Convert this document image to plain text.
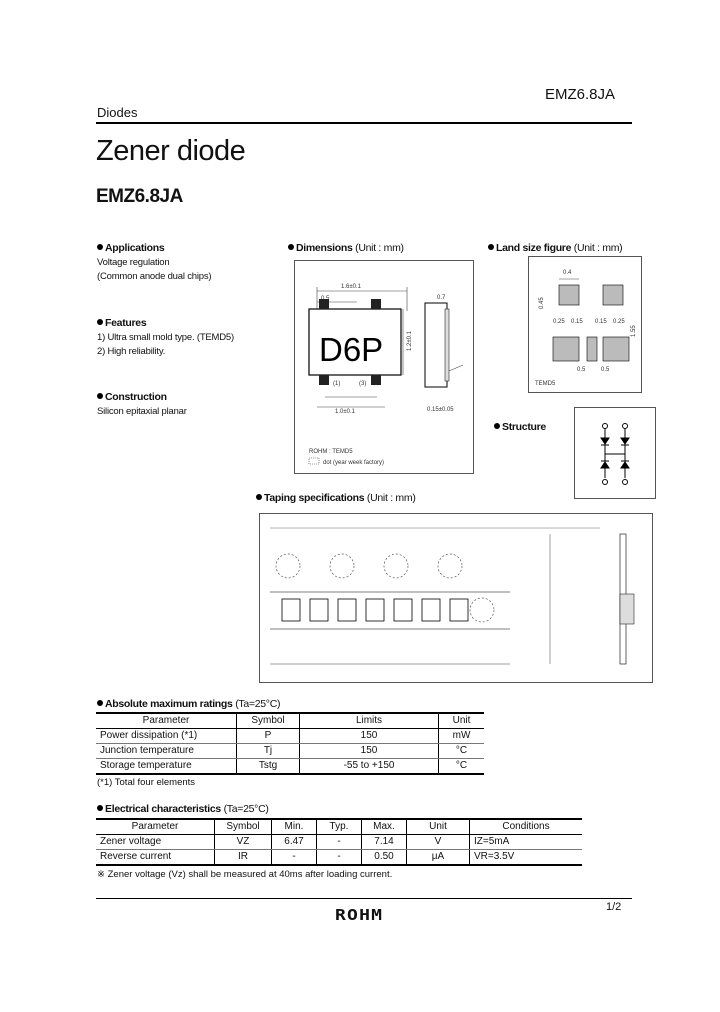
EMZ6.8JA
Diodes
Zener diode
EMZ6.8JA
Applications
Voltage regulation
(Common anode dual chips)
Features
1) Ultra small mold type. (TEMD5)
2) High reliability.
Construction
Silicon epitaxial planar
Dimensions (Unit : mm)
1.6±0.1
D6P
(1)	(3)
1.2±0.1
1.0±0.1
0.7
0.15±0.05
ROHM : TEMD5
dot (year week factory)
Land size figure (Unit : mm)
0.4
0.45
0.25 0.15 0.15 0.25
0.5	0.5
1.55
TEMD5
Structure
Taping specifications (Unit : mm)
Absolute maximum ratings (Ta=25°C)
Parameter	Symbol	Limits	Unit
Power dissipation (*1)	P	150	mW
Junction temperature	Tj	150	°C
Storage temperature	Tstg	-55 to +150	°C
(*1) Total four elements
Electrical characteristics (Ta=25°C)
Parameter	Symbol	Min.	Typ.	Max.	Unit	Conditions
Zener voltage	VZ	6.47	-	7.14	V	IZ=5mA
Reverse current	IR	-	-	0.50	μA	VR=3.5V
※ Zener voltage (Vz) shall be measured at 40ms after loading current.
1/2
ROHM
